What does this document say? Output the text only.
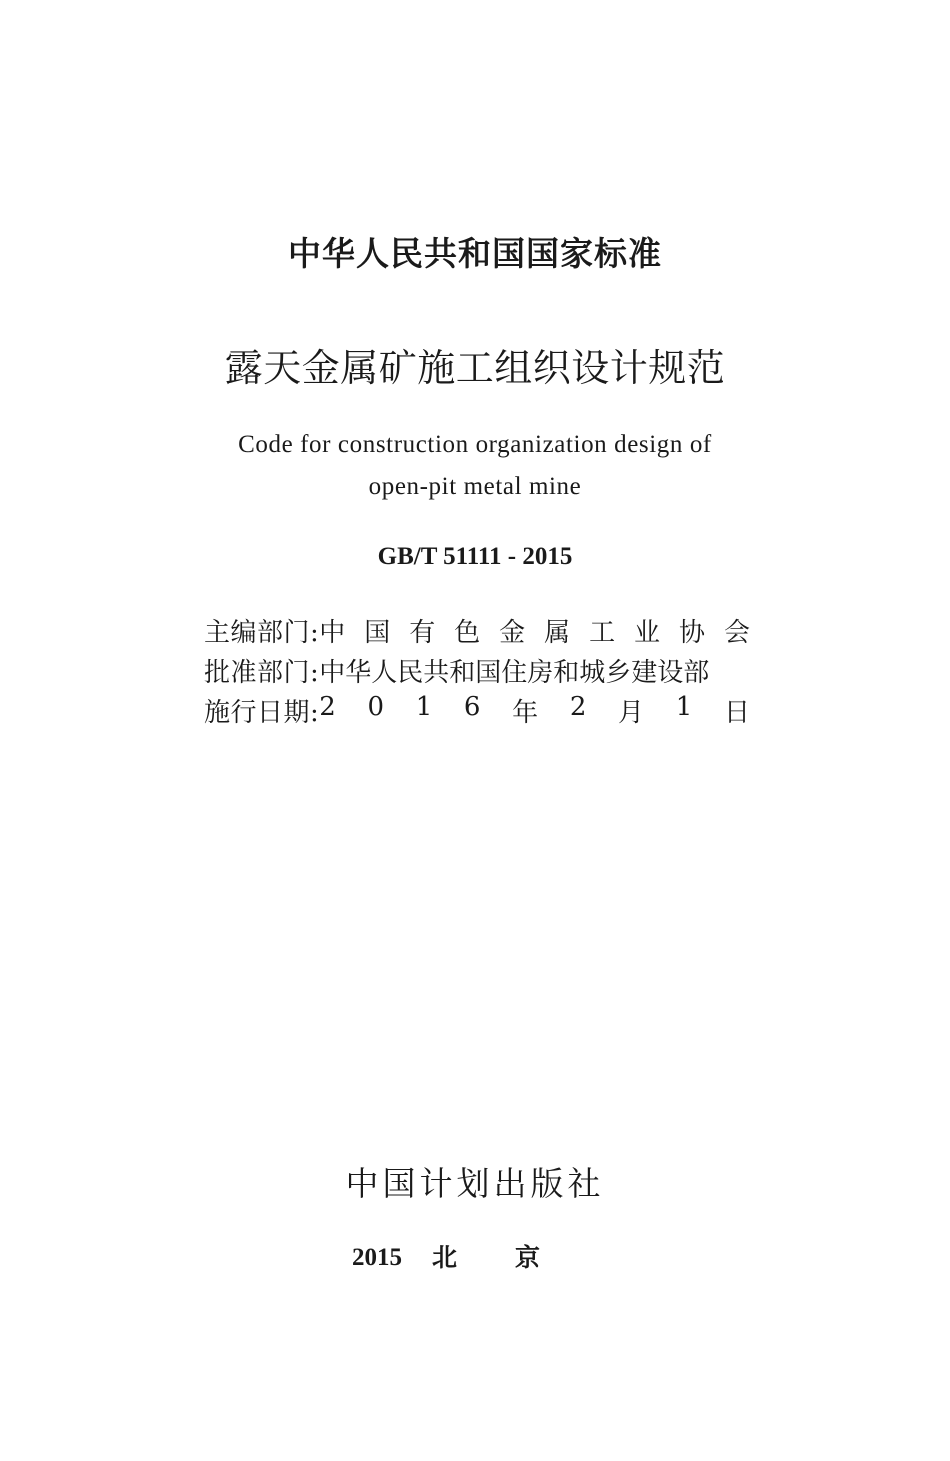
中华人民共和国国家标准
露天金属矿施工组织设计规范
Code for construction organization design of
open-pit metal mine
GB/T 51111 - 2015
主编部门: 中 国 有 色 金 属 工 业 协 会
批准部门: 中华人民共和国住房和城乡建设部
施行日期: 2 0 1 6 年 2 月 1 日
中国计划出版社
2015 北京
